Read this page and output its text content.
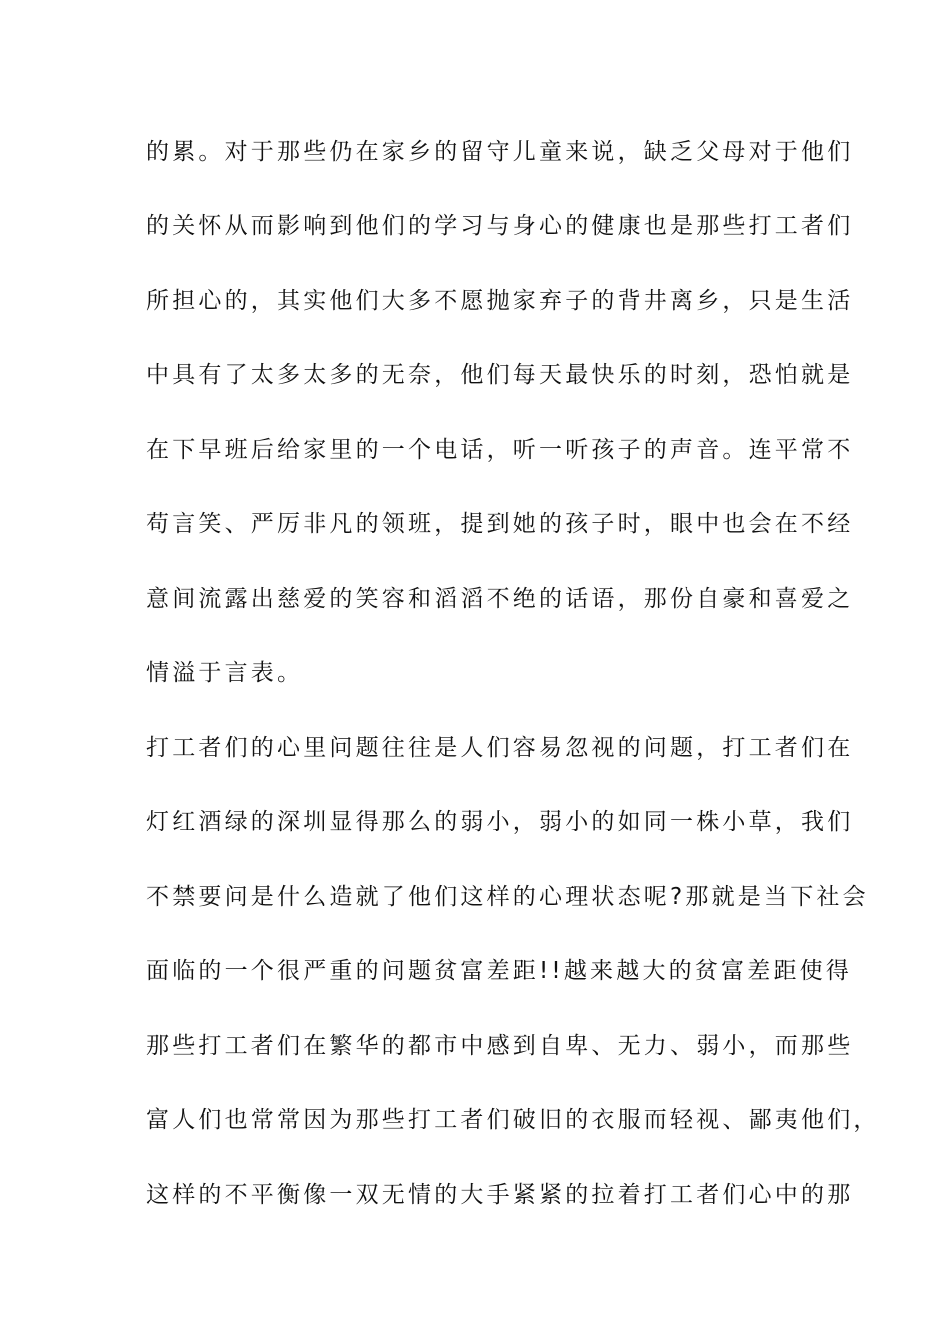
的累。对于那些仍在家乡的留守儿童来说，缺乏父母对于他们
的关怀从而影响到他们的学习与身心的健康也是那些打工者们
所担心的，其实他们大多不愿抛家弃子的背井离乡，只是生活
中具有了太多太多的无奈，他们每天最快乐的时刻，恐怕就是
在下早班后给家里的一个电话，听一听孩子的声音。连平常不
苟言笑、严厉非凡的领班，提到她的孩子时，眼中也会在不经
意间流露出慈爱的笑容和滔滔不绝的话语，那份自豪和喜爱之
情溢于言表。
打工者们的心里问题往往是人们容易忽视的问题，打工者们在
灯红酒绿的深圳显得那么的弱小，弱小的如同一株小草，我们
不禁要问是什么造就了他们这样的心理状态呢?那就是当下社会
面临的一个很严重的问题贫富差距!!越来越大的贫富差距使得
那些打工者们在繁华的都市中感到自卑、无力、弱小，而那些
富人们也常常因为那些打工者们破旧的衣服而轻视、鄙夷他们，
这样的不平衡像一双无情的大手紧紧的拉着打工者们心中的那
